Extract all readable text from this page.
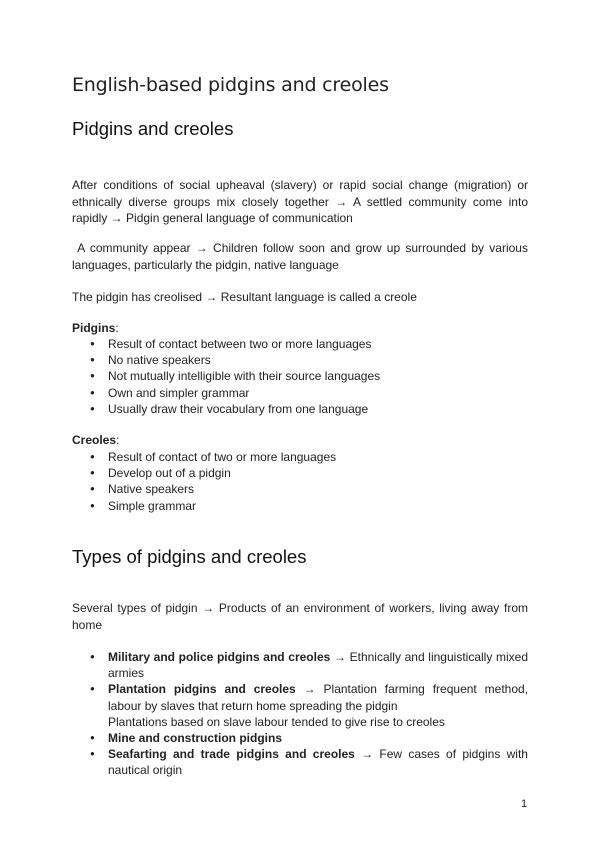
English-based pidgins and creoles
Pidgins and creoles
After conditions of social upheaval (slavery) or rapid social change (migration) or ethnically diverse groups mix closely together → A settled community come into rapidly → Pidgin general language of communication
A community appear → Children follow soon and grow up surrounded by various languages, particularly the pidgin, native language
The pidgin has creolised → Resultant language is called a creole
Pidgins:
● Result of contact between two or more languages
● No native speakers
● Not mutually intelligible with their source languages
● Own and simpler grammar
● Usually draw their vocabulary from one language
Creoles:
● Result of contact of two or more languages
● Develop out of a pidgin
● Native speakers
● Simple grammar
Types of pidgins and creoles
Several types of pidgin → Products of an environment of workers, living away from home
● Military and police pidgins and creoles → Ethnically and linguistically mixed armies
● Plantation pidgins and creoles → Plantation farming frequent method, labour by slaves that return home spreading the pidgin
Plantations based on slave labour tended to give rise to creoles
● Mine and construction pidgins
● Seafarting and trade pidgins and creoles → Few cases of pidgins with nautical origin
1
